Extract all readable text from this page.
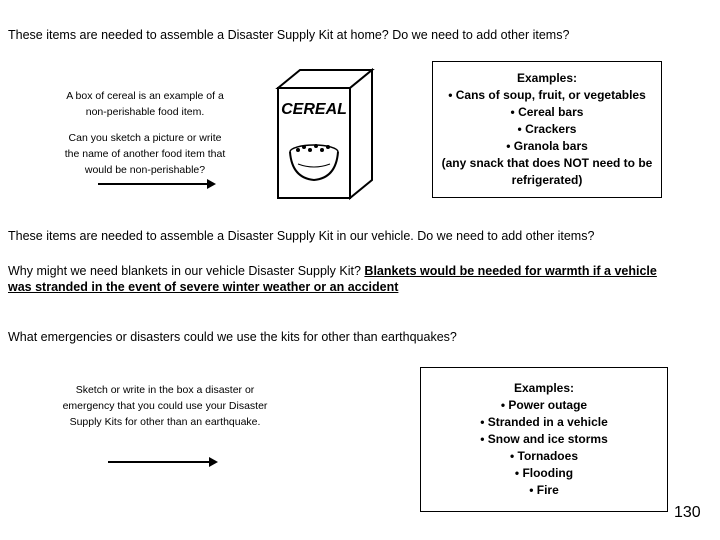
These items are needed to assemble a Disaster Supply Kit at home? Do we need to add other items?
A box of cereal is an example of a
non-perishable food item.
Can you sketch a picture or write
the name of another food item that
would be non-perishable?
CEREAL
Examples:
• Cans of soup, fruit, or vegetables
• Cereal bars
• Crackers
• Granola bars
(any snack that does NOT need to be
refrigerated)
These items are needed to assemble a Disaster Supply Kit in our vehicle. Do we need to add other items?
Why might we need blankets in our vehicle Disaster Supply Kit? Blankets would be needed for warmth if a vehicle
was stranded in the event of severe winter weather or an accident
What emergencies or disasters could we use the kits for other than earthquakes?
Sketch or write in the box a disaster or
emergency that you could use your Disaster
Supply Kits for other than an earthquake.
Examples:
• Power outage
• Stranded in a vehicle
• Snow and ice storms
• Tornadoes
• Flooding
• Fire
130
